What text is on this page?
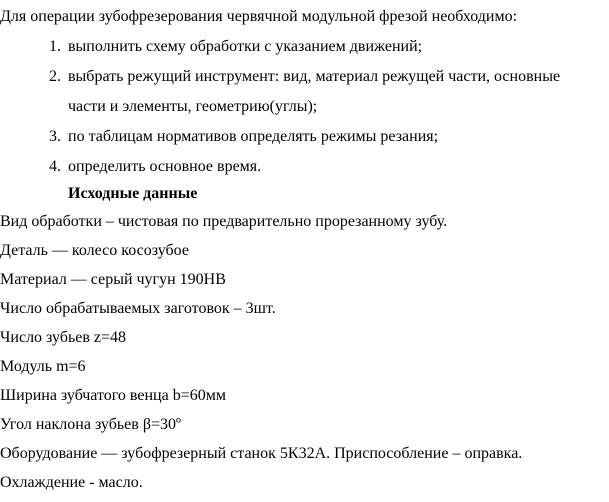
Для операции зубофрезерования червячной модульной фрезой необходимо:
1. выполнить схему обработки с указанием движений;
2. выбрать режущий инструмент: вид, материал режущей части, основные
части и элементы, геометрию(углы);
3. по таблицам нормативов определять режимы резания;
4. определить основное время.
Исходные данные
Вид обработки – чистовая по предварительно прорезанному зубу.
Деталь — колесо косозубое
Материал — серый чугун 190НВ
Число обрабатываемых заготовок – 3шт.
Число зубьев z=48
Модуль m=6
Ширина зубчатого венца b=60мм
Угол наклона зубьев β=30º
Оборудование — зубофрезерный станок 5К32А. Приспособление – оправка.
Охлаждение - масло.
